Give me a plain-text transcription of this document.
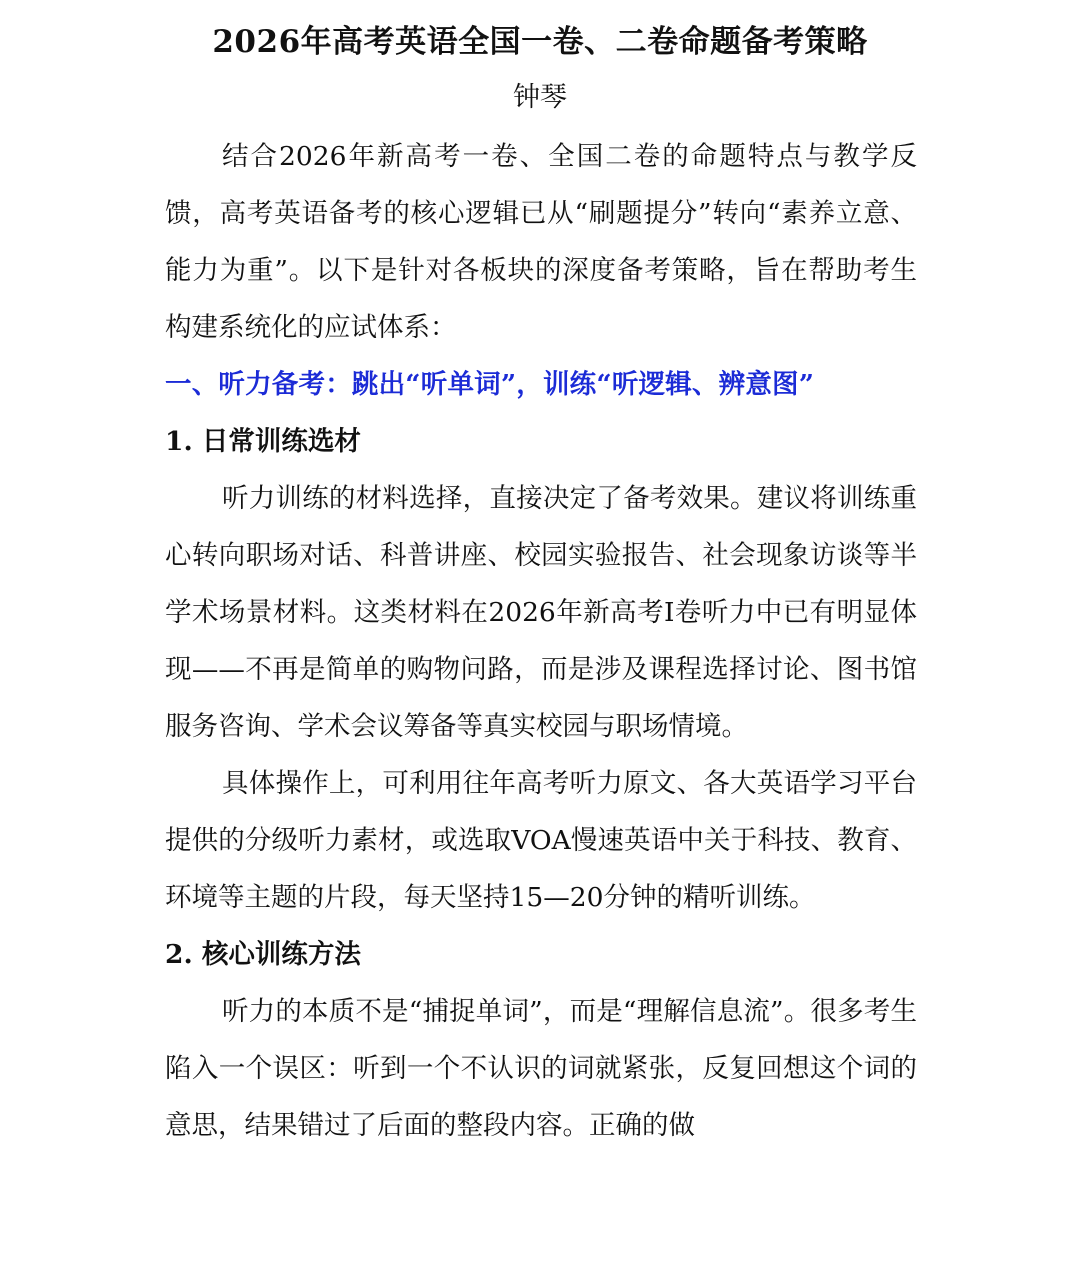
2026年高考英语全国一卷、二卷命题备考策略
钟琴

结合2026年新高考一卷、全国二卷的命题特点与教学反馈，高考英语备考的核心逻辑已从“刷题提分”转向“素养立意、能力为重”。以下是针对各板块的深度备考策略，旨在帮助考生构建系统化的应试体系：

一、听力备考：跳出“听单词”，训练“听逻辑、辨意图”

1. 日常训练选材

听力训练的材料选择，直接决定了备考效果。建议将训练重心转向职场对话、科普讲座、校园实验报告、社会现象访谈等半学术场景材料。这类材料在2026年新高考I卷听力中已有明显体现——不再是简单的购物问路，而是涉及课程选择讨论、图书馆服务咨询、学术会议筹备等真实校园与职场情境。

具体操作上，可利用往年高考听力原文、各大英语学习平台提供的分级听力素材，或选取VOA慢速英语中关于科技、教育、环境等主题的片段，每天坚持15—20分钟的精听训练。

2. 核心训练方法

听力的本质不是“捕捉单词”，而是“理解信息流”。很多考生陷入一个误区：听到一个不认识的词就紧张，反复回想这个词的意思，结果错过了后面的整段内容。正确的做
